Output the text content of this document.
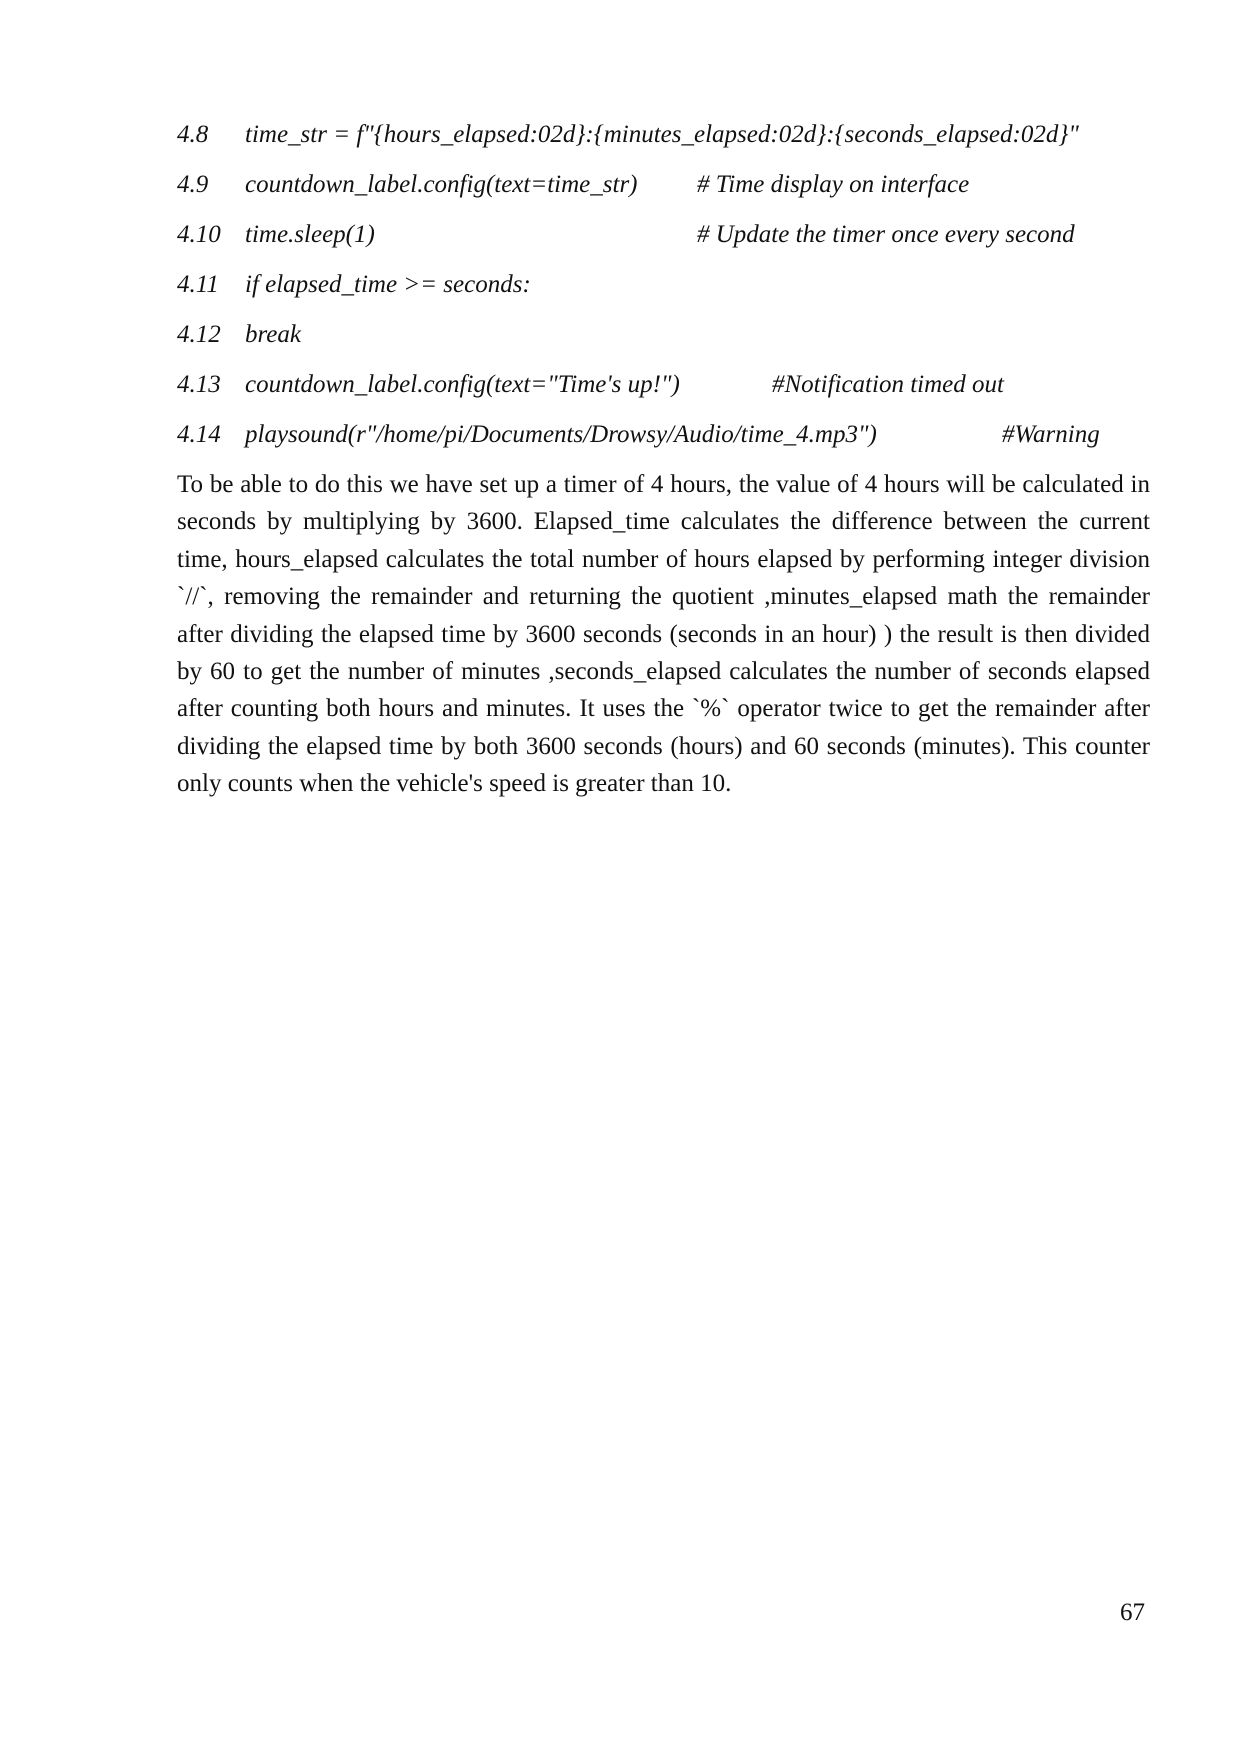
4.8 time_str = f"{hours_elapsed:02d}:{minutes_elapsed:02d}:{seconds_elapsed:02d}"
4.9 countdown_label.config(text=time_str) # Time display on interface
4.10 time.sleep(1)	# Update the timer once every second
4.11 if elapsed_time >= seconds:
4.12 break
4.13 countdown_label.config(text="Time's up!")	#Notification timed out
4.14 playsound(r"/home/pi/Documents/Drowsy/Audio/time_4.mp3")	#Warning

To be able to do this we have set up a timer of 4 hours, the value of 4 hours will be calculated in seconds by multiplying by 3600. Elapsed_time calculates the difference between the current time, hours_elapsed calculates the total number of hours elapsed by performing integer division `//`, removing the remainder and returning the quotient ,minutes_elapsed math the remainder after dividing the elapsed time by 3600 seconds (seconds in an hour) ) the result is then divided by 60 to get the number of minutes ,seconds_elapsed calculates the number of seconds elapsed after counting both hours and minutes. It uses the `%` operator twice to get the remainder after dividing the elapsed time by both 3600 seconds (hours) and 60 seconds (minutes). This counter only counts when the vehicle's speed is greater than 10.

67
